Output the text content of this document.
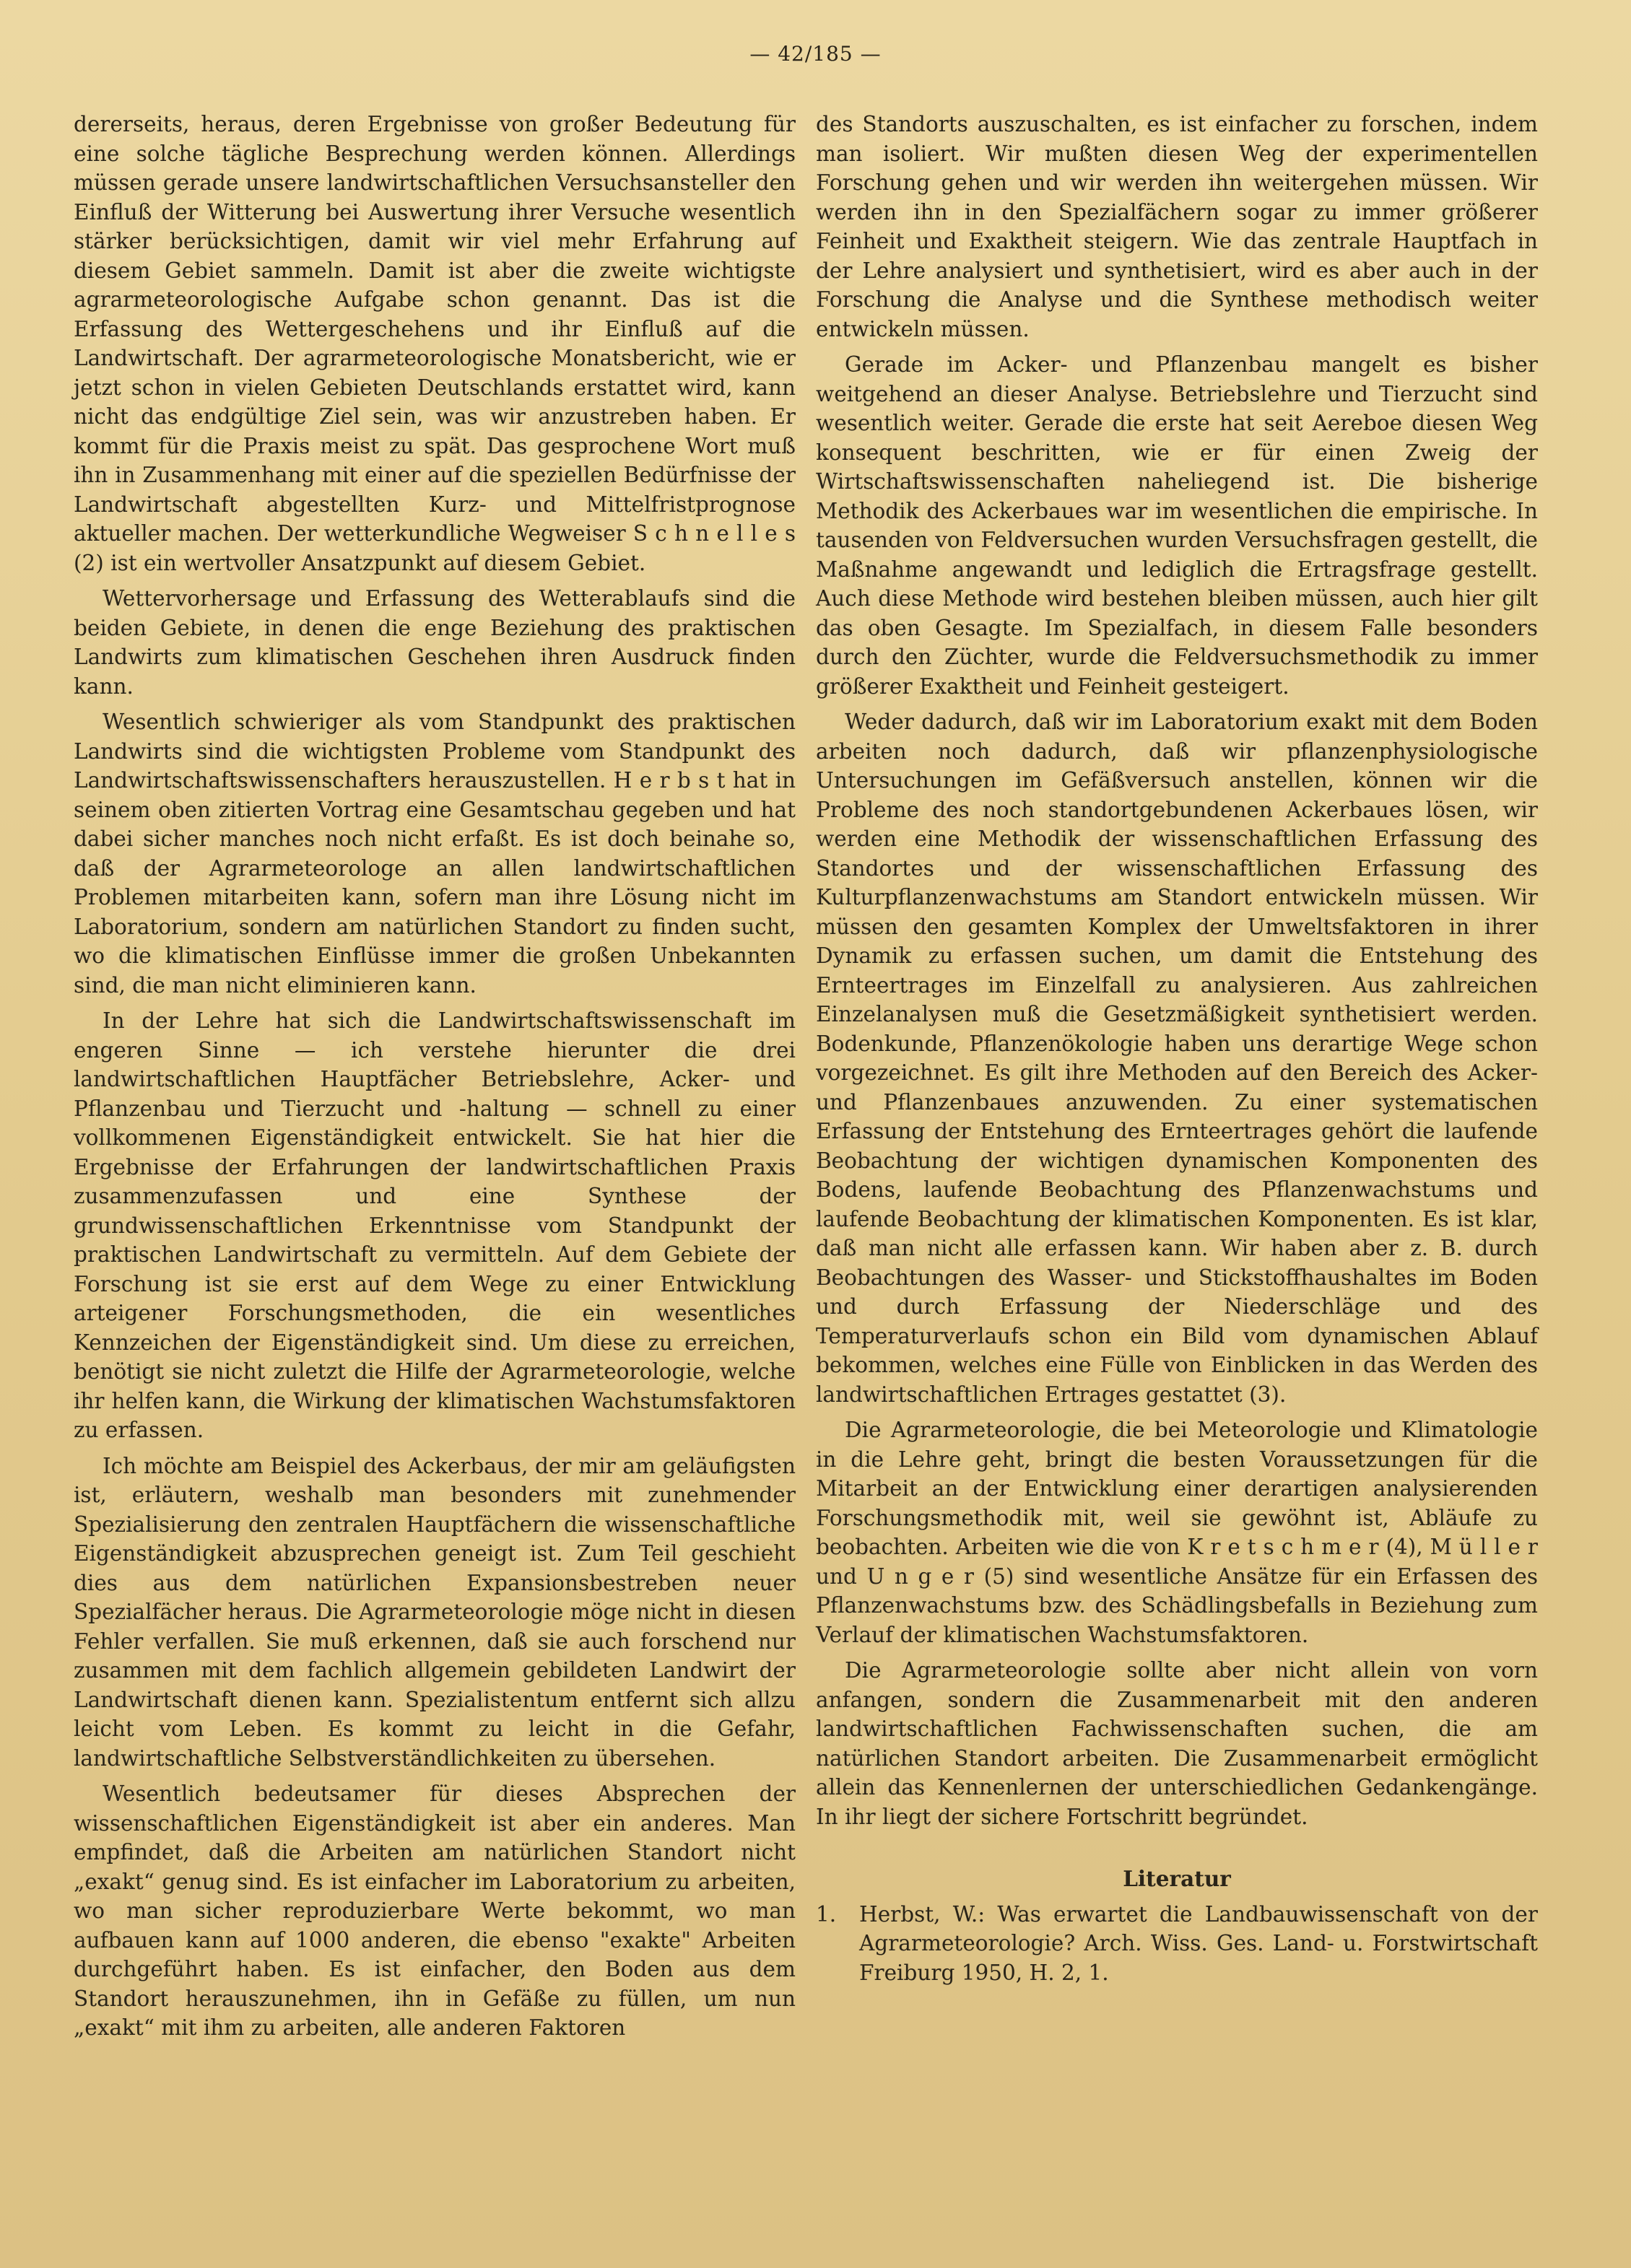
— 42/185 —

dererseits, heraus, deren Ergebnisse von großer Bedeutung für eine solche tägliche Besprechung werden können. Allerdings müssen gerade unsere landwirtschaftlichen Versuchsansteller den Einfluß der Witterung bei Auswertung ihrer Versuche wesentlich stärker berücksichtigen, damit wir viel mehr Erfahrung auf diesem Gebiet sammeln. Damit ist aber die zweite wichtigste agrarmeteorologische Aufgabe schon genannt. Das ist die Erfassung des Wettergeschehens und ihr Einfluß auf die Landwirtschaft. Der agrarmeteorologische Monatsbericht, wie er jetzt schon in vielen Gebieten Deutschlands erstattet wird, kann nicht das endgültige Ziel sein, was wir anzustreben haben. Er kommt für die Praxis meist zu spät. Das gesprochene Wort muß ihn in Zusammenhang mit einer auf die speziellen Bedürfnisse der Landwirtschaft abgestellten Kurz- und Mittelfristprognose aktueller machen. Der wetterkundliche Wegweiser S c h n e l l e s (2) ist ein wertvoller Ansatzpunkt auf diesem Gebiet.

Wettervorhersage und Erfassung des Wetterablaufs sind die beiden Gebiete, in denen die enge Beziehung des praktischen Landwirts zum klimatischen Geschehen ihren Ausdruck finden kann.

Wesentlich schwieriger als vom Standpunkt des praktischen Landwirts sind die wichtigsten Probleme vom Standpunkt des Landwirtschaftswissenschafters herauszustellen. H e r b s t hat in seinem oben zitierten Vortrag eine Gesamtschau gegeben und hat dabei sicher manches noch nicht erfaßt. Es ist doch beinahe so, daß der Agrarmeteorologe an allen landwirtschaftlichen Problemen mitarbeiten kann, sofern man ihre Lösung nicht im Laboratorium, sondern am natürlichen Standort zu finden sucht, wo die klimatischen Einflüsse immer die großen Unbekannten sind, die man nicht eliminieren kann.

In der Lehre hat sich die Landwirtschaftswissenschaft im engeren Sinne — ich verstehe hierunter die drei landwirtschaftlichen Hauptfächer Betriebslehre, Acker- und Pflanzenbau und Tierzucht und -haltung — schnell zu einer vollkommenen Eigenständigkeit entwickelt. Sie hat hier die Ergebnisse der Erfahrungen der landwirtschaftlichen Praxis zusammenzufassen und eine Synthese der grundwissenschaftlichen Erkenntnisse vom Standpunkt der praktischen Landwirtschaft zu vermitteln. Auf dem Gebiete der Forschung ist sie erst auf dem Wege zu einer Entwicklung arteigener Forschungsmethoden, die ein wesentliches Kennzeichen der Eigenständigkeit sind. Um diese zu erreichen, benötigt sie nicht zuletzt die Hilfe der Agrarmeteorologie, welche ihr helfen kann, die Wirkung der klimatischen Wachstumsfaktoren zu erfassen.

Ich möchte am Beispiel des Ackerbaus, der mir am geläufigsten ist, erläutern, weshalb man besonders mit zunehmender Spezialisierung den zentralen Hauptfächern die wissenschaftliche Eigenständigkeit abzusprechen geneigt ist. Zum Teil geschieht dies aus dem natürlichen Expansionsbestreben neuer Spezialfächer heraus. Die Agrarmeteorologie möge nicht in diesen Fehler verfallen. Sie muß erkennen, daß sie auch forschend nur zusammen mit dem fachlich allgemein gebildeten Landwirt der Landwirtschaft dienen kann. Spezialistentum entfernt sich allzu leicht vom Leben. Es kommt zu leicht in die Gefahr, landwirtschaftliche Selbstverständlichkeiten zu übersehen.

Wesentlich bedeutsamer für dieses Absprechen der wissenschaftlichen Eigenständigkeit ist aber ein anderes. Man empfindet, daß die Arbeiten am natürlichen Standort nicht „exakt“ genug sind. Es ist einfacher im Laboratorium zu arbeiten, wo man sicher reproduzierbare Werte bekommt, wo man aufbauen kann auf 1000 anderen, die ebenso "exakte" Arbeiten durchgeführt haben. Es ist einfacher, den Boden aus dem Standort herauszunehmen, ihn in Gefäße zu füllen, um nun „exakt“ mit ihm zu arbeiten, alle anderen Faktoren

des Standorts auszuschalten, es ist einfacher zu forschen, indem man isoliert. Wir mußten diesen Weg der experimentellen Forschung gehen und wir werden ihn weitergehen müssen. Wir werden ihn in den Spezialfächern sogar zu immer größerer Feinheit und Exaktheit steigern. Wie das zentrale Hauptfach in der Lehre analysiert und synthetisiert, wird es aber auch in der Forschung die Analyse und die Synthese methodisch weiter entwickeln müssen.

Gerade im Acker- und Pflanzenbau mangelt es bisher weitgehend an dieser Analyse. Betriebslehre und Tierzucht sind wesentlich weiter. Gerade die erste hat seit Aereboe diesen Weg konsequent beschritten, wie er für einen Zweig der Wirtschaftswissenschaften naheliegend ist. Die bisherige Methodik des Ackerbaues war im wesentlichen die empirische. In tausenden von Feldversuchen wurden Versuchsfragen gestellt, die Maßnahme angewandt und lediglich die Ertragsfrage gestellt. Auch diese Methode wird bestehen bleiben müssen, auch hier gilt das oben Gesagte. Im Spezialfach, in diesem Falle besonders durch den Züchter, wurde die Feldversuchsmethodik zu immer größerer Exaktheit und Feinheit gesteigert.

Weder dadurch, daß wir im Laboratorium exakt mit dem Boden arbeiten noch dadurch, daß wir pflanzenphysiologische Untersuchungen im Gefäßversuch anstellen, können wir die Probleme des noch standortgebundenen Ackerbaues lösen, wir werden eine Methodik der wissenschaftlichen Erfassung des Standortes und der wissenschaftlichen Erfassung des Kulturpflanzenwachstums am Standort entwickeln müssen. Wir müssen den gesamten Komplex der Umweltsfaktoren in ihrer Dynamik zu erfassen suchen, um damit die Entstehung des Ernteertrages im Einzelfall zu analysieren. Aus zahlreichen Einzelanalysen muß die Gesetzmäßigkeit synthetisiert werden. Bodenkunde, Pflanzenökologie haben uns derartige Wege schon vorgezeichnet. Es gilt ihre Methoden auf den Bereich des Acker- und Pflanzenbaues anzuwenden. Zu einer systematischen Erfassung der Entstehung des Ernteertrages gehört die laufende Beobachtung der wichtigen dynamischen Komponenten des Bodens, laufende Beobachtung des Pflanzenwachstums und laufende Beobachtung der klimatischen Komponenten. Es ist klar, daß man nicht alle erfassen kann. Wir haben aber z. B. durch Beobachtungen des Wasser- und Stickstoffhaushaltes im Boden und durch Erfassung der Niederschläge und des Temperaturverlaufs schon ein Bild vom dynamischen Ablauf bekommen, welches eine Fülle von Einblicken in das Werden des landwirtschaftlichen Ertrages gestattet (3).

Die Agrarmeteorologie, die bei Meteorologie und Klimatologie in die Lehre geht, bringt die besten Voraussetzungen für die Mitarbeit an der Entwicklung einer derartigen analysierenden Forschungsmethodik mit, weil sie gewöhnt ist, Abläufe zu beobachten. Arbeiten wie die von K r e t s c h m e r (4), M ü l l e r und U n g e r (5) sind wesentliche Ansätze für ein Erfassen des Pflanzenwachstums bzw. des Schädlingsbefalls in Beziehung zum Verlauf der klimatischen Wachstumsfaktoren.

Die Agrarmeteorologie sollte aber nicht allein von vorn anfangen, sondern die Zusammenarbeit mit den anderen landwirtschaftlichen Fachwissenschaften suchen, die am natürlichen Standort arbeiten. Die Zusammenarbeit ermöglicht allein das Kennenlernen der unterschiedlichen Gedankengänge. In ihr liegt der sichere Fortschritt begründet.

Literatur
1.	Herbst, W.: Was erwartet die Landbauwissenschaft von der Agrarmeteorologie? Arch. Wiss. Ges. Land- u. Forstwirtschaft Freiburg 1950, H. 2, 1.
